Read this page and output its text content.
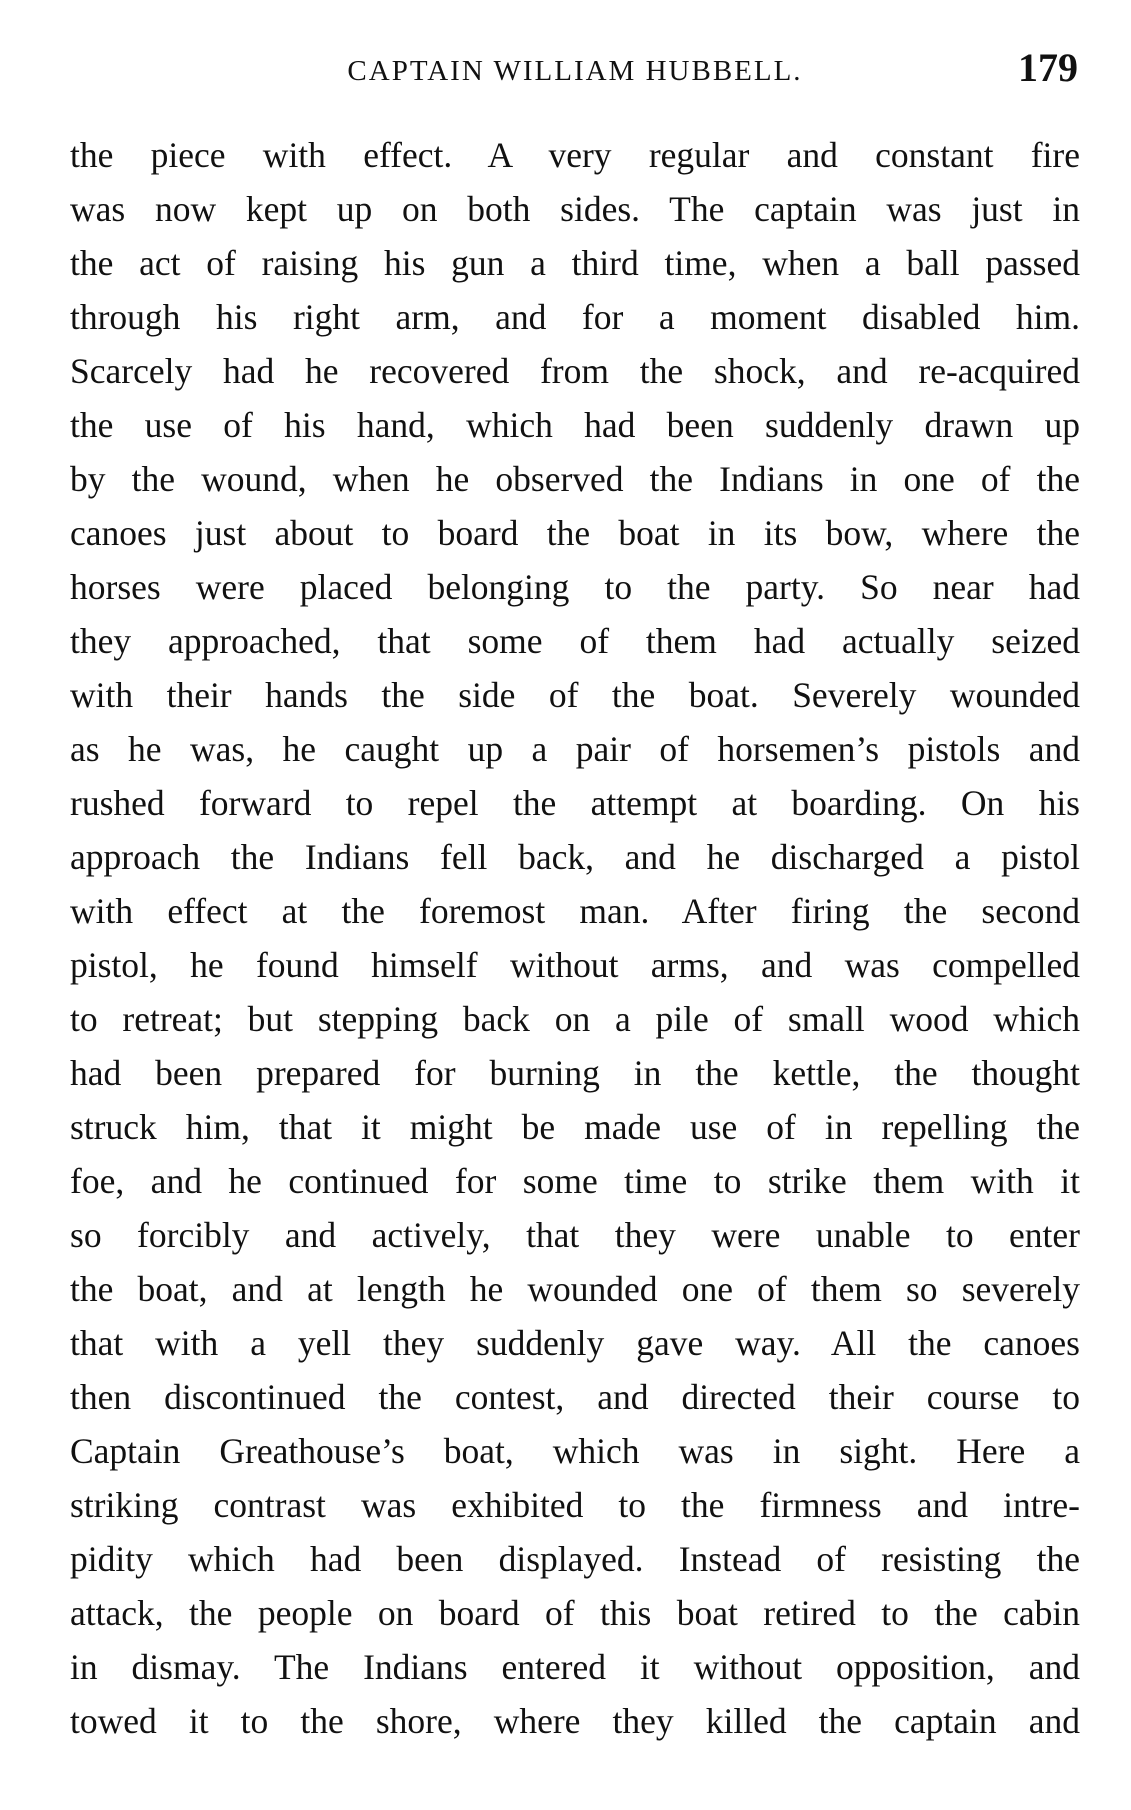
CAPTAIN WILLIAM HUBBELL.	179
the piece with effect. A very regular and constant fire
was now kept up on both sides. The captain was just in
the act of raising his gun a third time, when a ball passed
through his right arm, and for a moment disabled him.
Scarcely had he recovered from the shock, and re-acquired
the use of his hand, which had been suddenly drawn up
by the wound, when he observed the Indians in one of the
canoes just about to board the boat in its bow, where the
horses were placed belonging to the party. So near had
they approached, that some of them had actually seized
with their hands the side of the boat. Severely wounded
as he was, he caught up a pair of horsemen’s pistols and
rushed forward to repel the attempt at boarding. On his
approach the Indians fell back, and he discharged a pistol
with effect at the foremost man. After firing the second
pistol, he found himself without arms, and was compelled
to retreat; but stepping back on a pile of small wood which
had been prepared for burning in the kettle, the thought
struck him, that it might be made use of in repelling the
foe, and he continued for some time to strike them with it
so forcibly and actively, that they were unable to enter
the boat, and at length he wounded one of them so severely
that with a yell they suddenly gave way. All the canoes
then discontinued the contest, and directed their course to
Captain Greathouse’s boat, which was in sight. Here a
striking contrast was exhibited to the firmness and intre-
pidity which had been displayed. Instead of resisting the
attack, the people on board of this boat retired to the cabin
in dismay. The Indians entered it without opposition, and
towed it to the shore, where they killed the captain and
